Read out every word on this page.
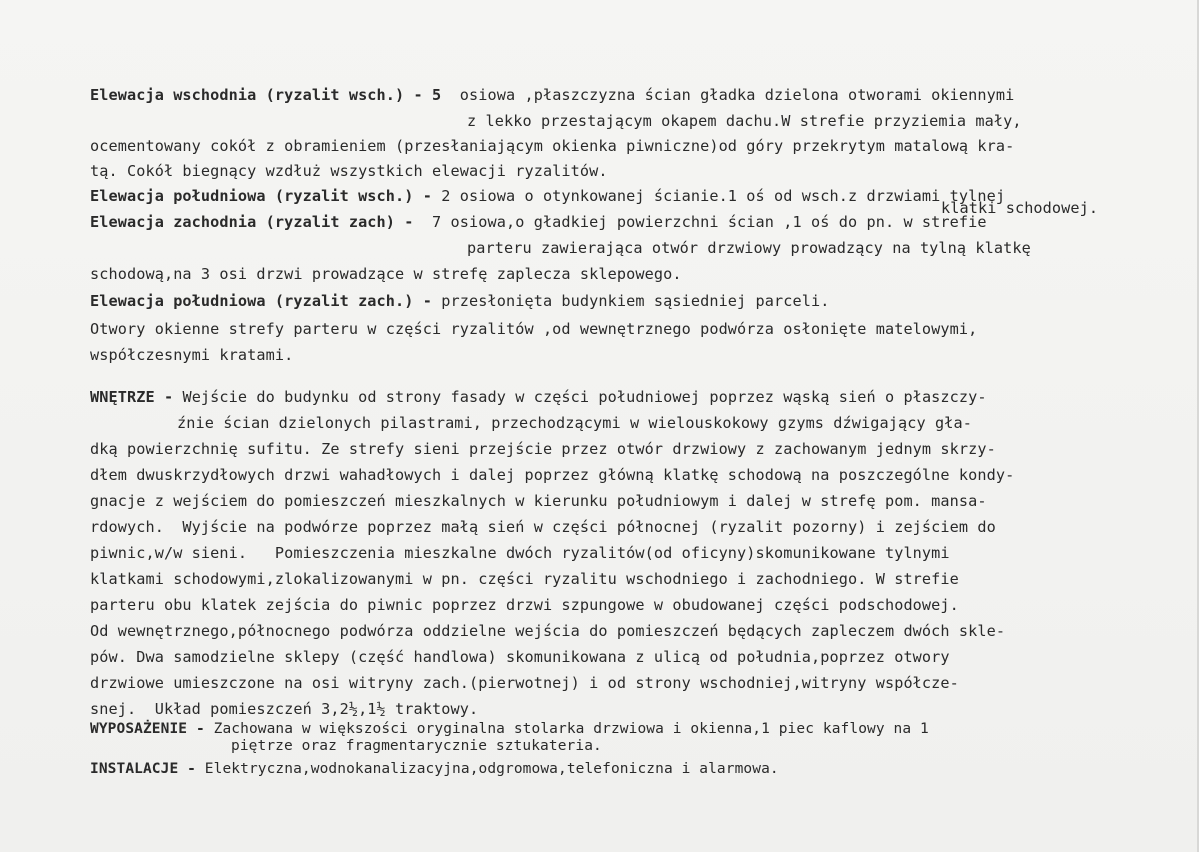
Elewacja wschodnia (ryzalit wsch.) - 5  osiowa ,płaszczyzna ścian gładka dzielona otworami okiennymi
z lekko przestającym okapem dachu.W strefie przyziemia mały,
ocementowany cokół z obramieniem (przesłaniającym okienka piwniczne)od góry przekrytym matalową kra-
tą. Cokół biegnący wzdłuż wszystkich elewacji ryzalitów.
Elewacja południowa (ryzalit wsch.) - 2 osiowa o otynkowanej ścianie.1 oś od wsch.z drzwiami tylnej
klatki schodowej.
Elewacja zachodnia (ryzalit zach) -  7 osiowa,o gładkiej powierzchni ścian ,1 oś do pn. w strefie
parteru zawierająca otwór drzwiowy prowadzący na tylną klatkę
schodową,na 3 osi drzwi prowadzące w strefę zaplecza sklepowego.
Elewacja południowa (ryzalit zach.) - przesłonięta budynkiem sąsiedniej parceli.
Otwory okienne strefy parteru w części ryzalitów ,od wewnętrznego podwórza osłonięte matelowymi,
współczesnymi kratami.
WNĘTRZE - Wejście do budynku od strony fasady w części południowej poprzez wąską sień o płaszczy-
źnie ścian dzielonych pilastrami, przechodzącymi w wielouskokowy gzyms dźwigający gła-
dką powierzchnię sufitu. Ze strefy sieni przejście przez otwór drzwiowy z zachowanym jednym skrzy-
dłem dwuskrzydłowych drzwi wahadłowych i dalej poprzez główną klatkę schodową na poszczególne kondy-
gnacje z wejściem do pomieszczeń mieszkalnych w kierunku południowym i dalej w strefę pom. mansa-
rdowych.  Wyjście na podwórze poprzez małą sień w części północnej (ryzalit pozorny) i zejściem do
piwnic,w/w sieni.   Pomieszczenia mieszkalne dwóch ryzalitów(od oficyny)skomunikowane tylnymi
klatkami schodowymi,zlokalizowanymi w pn. części ryzalitu wschodniego i zachodniego. W strefie
parteru obu klatek zejścia do piwnic poprzez drzwi szpungowe w obudowanej części podschodowej.
Od wewnętrznego,północnego podwórza oddzielne wejścia do pomieszczeń będących zapleczem dwóch sklе-
pów. Dwa samodzielne sklepy (część handlowa) skomunikowana z ulicą od południa,poprzez otwory
drzwiowe umieszczone na osi witryny zach.(pierwotnej) i od strony wschodniej,witryny współcze-
snej.  Układ pomieszczeń 3,2½,1½ traktowy.
WYPOSAŻENIE - Zachowana w większości oryginalna stolarka drzwiowa i okienna,1 piec kaflowy na 1
piętrze oraz fragmentarycznie sztukateria.
INSTALACJE - Elektryczna,wodnokanalizacyjna,odgromowa,telefoniczna i alarmowa.
